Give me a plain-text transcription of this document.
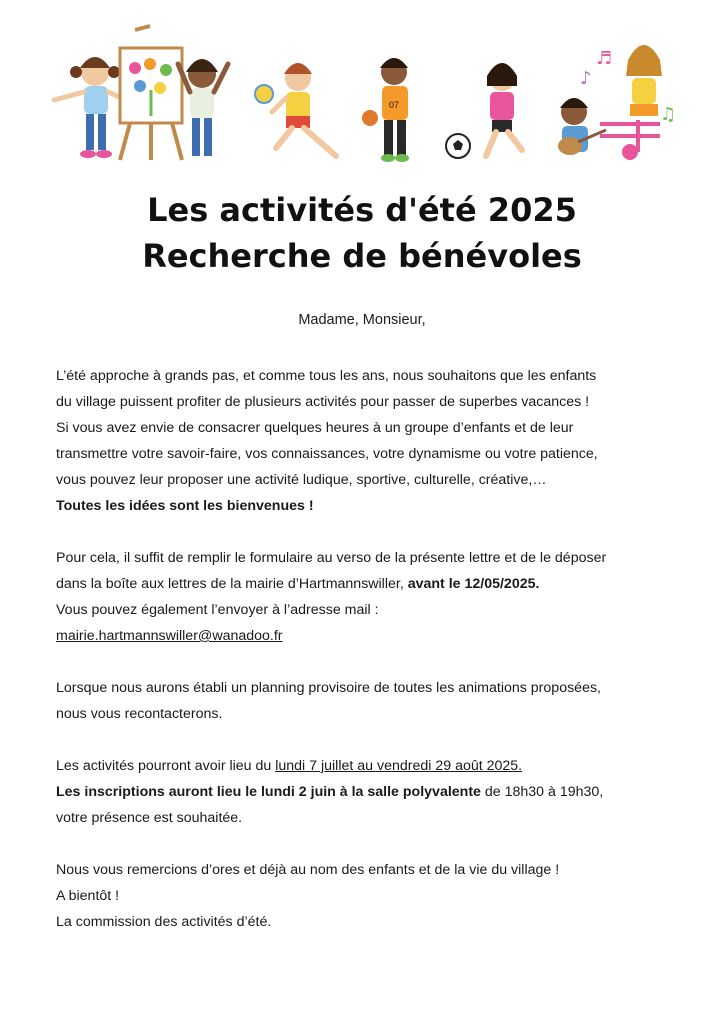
07
♪
♬
♫
Les activités d'été 2025
Recherche de bénévoles
Madame, Monsieur,

L’été approche à grands pas, et comme tous les ans, nous souhaitons que les enfants

du village puissent profiter de plusieurs activités pour passer de superbes vacances !

Si vous avez envie de consacrer quelques heures à un groupe d’enfants et de leur

transmettre votre savoir-faire, vos connaissances, votre dynamisme ou votre patience,

vous pouvez leur proposer une activité ludique, sportive, culturelle, créative,…

Toutes les idées sont les bienvenues !

Pour cela, il suffit de remplir le formulaire au verso de la présente lettre et de le déposer

dans la boîte aux lettres de la mairie d’Hartmannswiller, avant le 12/05/2025.

Vous pouvez également l’envoyer à l’adresse mail :

mairie.hartmannswiller@wanadoo.fr

Lorsque nous aurons établi un planning provisoire de toutes les animations proposées,

nous vous recontacterons.

Les activités pourront avoir lieu du lundi 7 juillet au vendredi 29 août 2025.

Les inscriptions auront lieu le lundi 2 juin à la salle polyvalente de 18h30 à 19h30,

votre présence est souhaitée.

Nous vous remercions d’ores et déjà au nom des enfants et de la vie du village !

A bientôt !

La commission des activités d’été.
